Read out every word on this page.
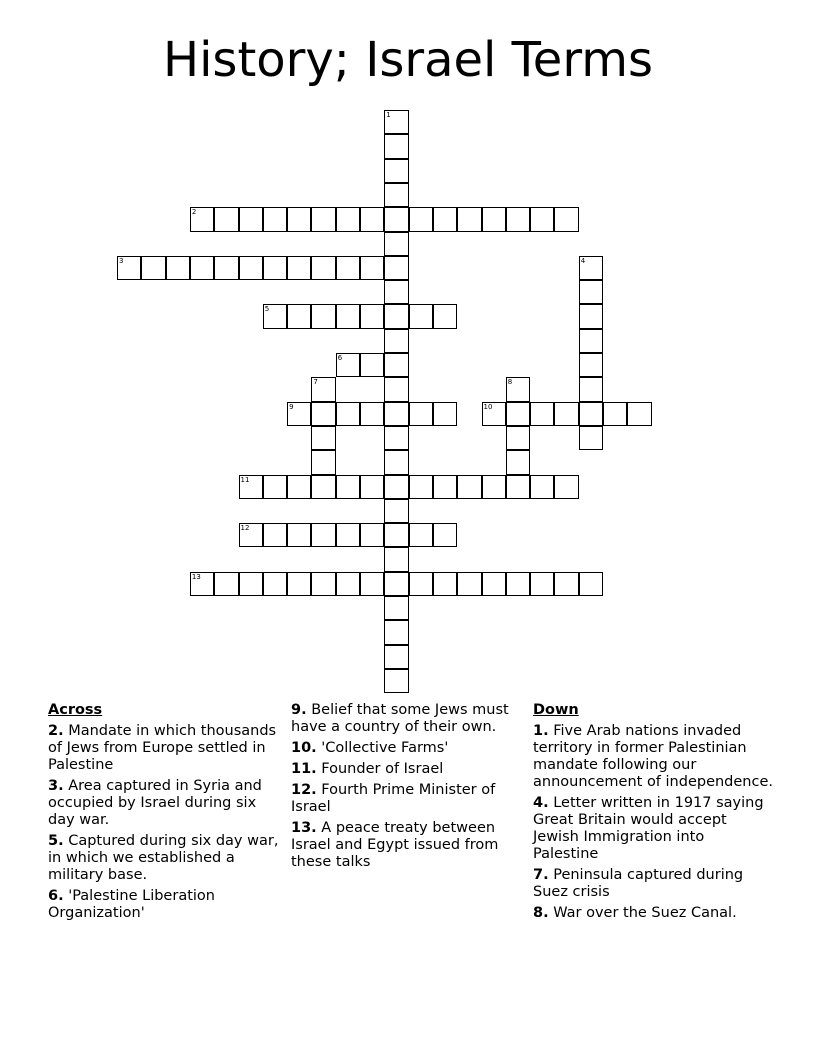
History; Israel Terms
1
2
3	4
5
6
7	8
9	10
11
12
13
Across
2. Mandate in which thousands of Jews from Europe settled in Palestine
3. Area captured in Syria and occupied by Israel during six day war.
5. Captured during six day war, in which we established a military base.
6. 'Palestine Liberation Organization'
9. Belief that some Jews must have a country of their own.
10. 'Collective Farms'
11. Founder of Israel
12. Fourth Prime Minister of Israel
13. A peace treaty between Israel and Egypt issued from these talks
Down
1. Five Arab nations invaded territory in former Palestinian mandate following our announcement of independence.
4. Letter written in 1917 saying Great Britain would accept Jewish Immigration into Palestine
7. Peninsula captured during Suez crisis
8. War over the Suez Canal.
